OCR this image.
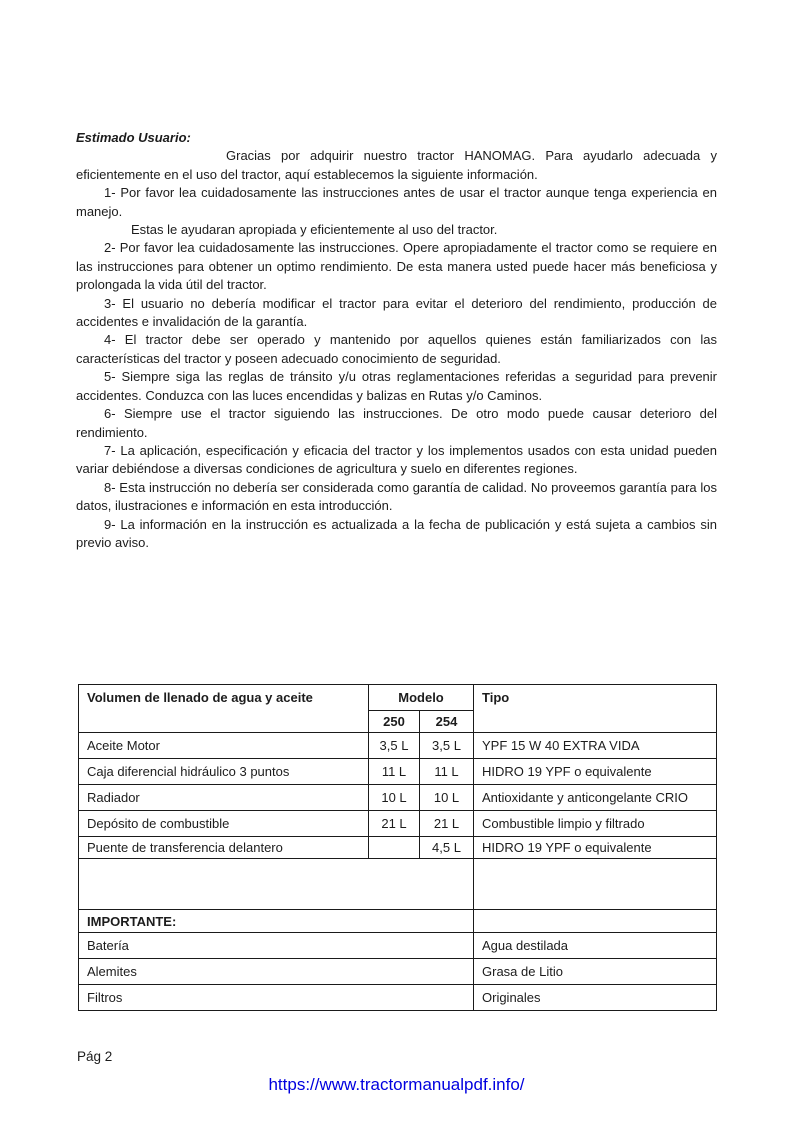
Estimado Usuario:

Gracias por adquirir nuestro tractor HANOMAG. Para ayudarlo adecuada y eficientemente en el uso del tractor, aquí establecemos la siguiente información.

1- Por favor lea cuidadosamente las instrucciones antes de usar el tractor aunque tenga experiencia en manejo.

Estas le ayudaran apropiada y eficientemente al uso del tractor.

2- Por favor lea cuidadosamente las instrucciones. Opere apropiadamente el tractor como se requiere en las instrucciones para obtener un optimo rendimiento. De esta manera usted puede hacer más beneficiosa y prolongada la vida útil del tractor.

3- El usuario no debería modificar el tractor para evitar el deterioro del rendimiento, producción de accidentes e invalidación de la garantía.

4- El tractor debe ser operado y mantenido por aquellos quienes están familiarizados con las características del tractor y poseen adecuado conocimiento de seguridad.

5- Siempre siga las reglas de tránsito y/u otras reglamentaciones referidas a seguridad para prevenir accidentes. Conduzca con las luces encendidas y balizas en Rutas y/o Caminos.

6- Siempre use el tractor siguiendo las instrucciones. De otro modo puede causar deterioro del rendimiento.

7- La aplicación, especificación y eficacia del tractor y los implementos usados con esta unidad pueden variar debiéndose a diversas condiciones de agricultura y suelo en diferentes regiones.

8- Esta instrucción no debería ser considerada como garantía de calidad. No proveemos garantía para los datos, ilustraciones e información en esta introducción.

9- La información en la instrucción es actualizada a la fecha de publicación y está sujeta a cambios sin previo aviso.

Volumen de llenado de agua y aceite	Modelo		Tipo
	250	254	
Aceite Motor	3,5 L	3,5 L	YPF 15 W 40 EXTRA VIDA
Caja diferencial hidráulico 3 puntos	11 L	11 L	HIDRO 19 YPF o equivalente
Radiador	10 L	10 L	Antioxidante y anticongelante CRIO
Depósito de combustible	21 L	21 L	Combustible limpio y filtrado
Puente de transferencia delantero		4,5 L	HIDRO 19 YPF o equivalente

IMPORTANTE:			
Batería			Agua destilada
Alemites			Grasa de Litio
Filtros			Originales
Pág 2
https://www.tractormanualpdf.info/
